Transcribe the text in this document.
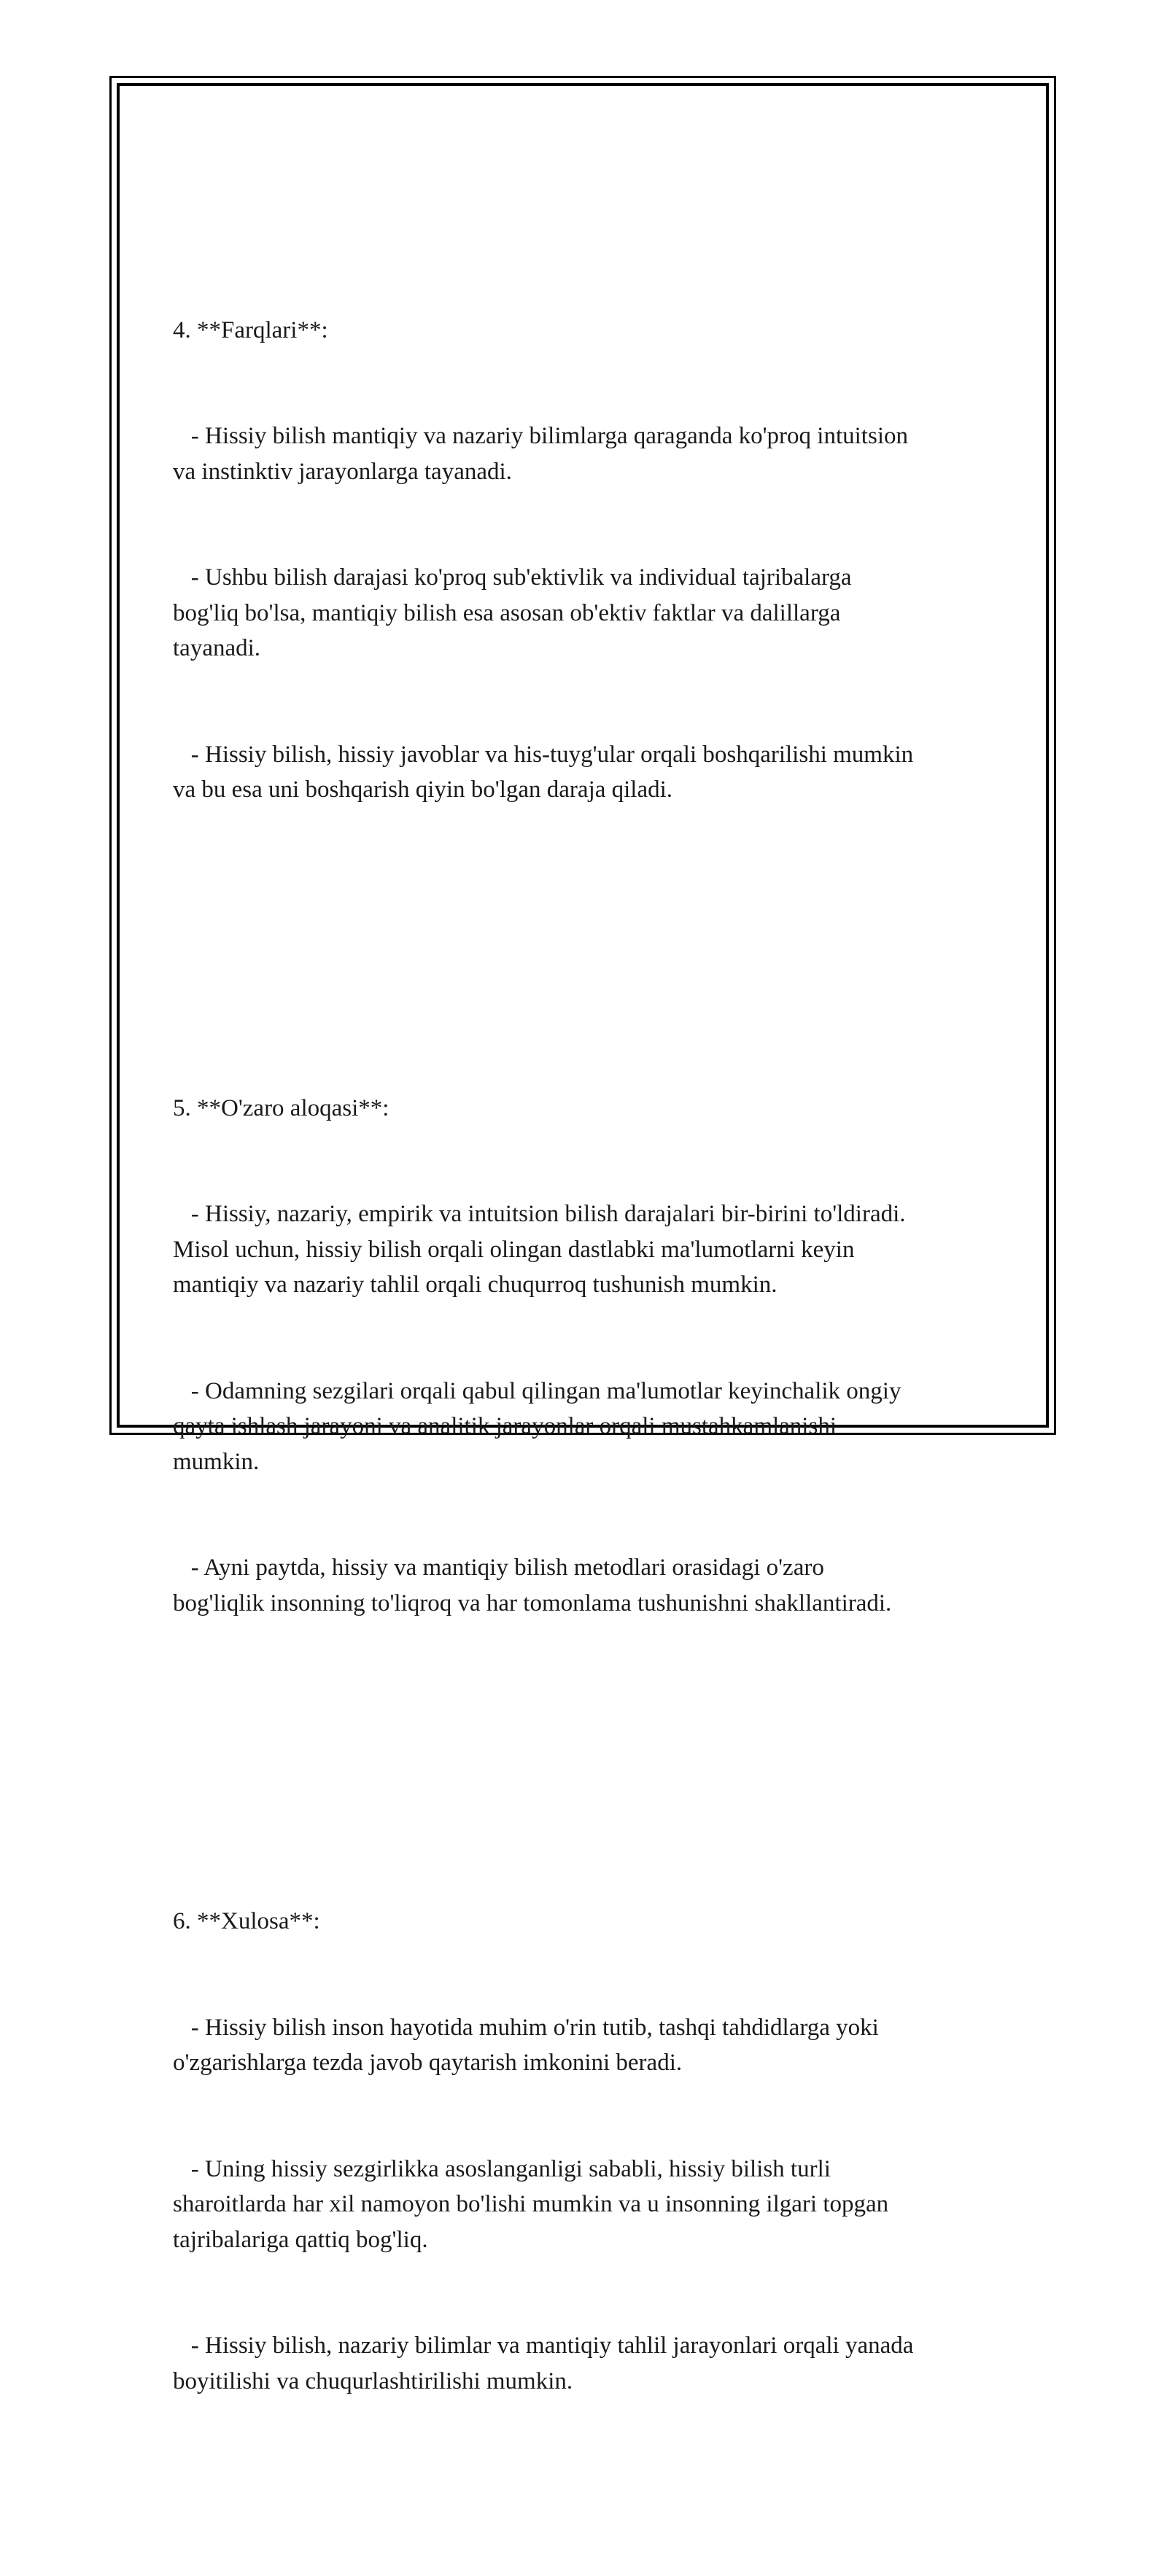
4. **Farqlari**:

- Hissiy bilish mantiqiy va nazariy bilimlarga qaraganda ko'proq intuitsion
va instinktiv jarayonlarga tayanadi.

- Ushbu bilish darajasi ko'proq sub'ektivlik va individual tajribalarga
bog'liq bo'lsa, mantiqiy bilish esa asosan ob'ektiv faktlar va dalillarga
tayanadi.

- Hissiy bilish, hissiy javoblar va his-tuyg'ular orqali boshqarilishi mumkin
va bu esa uni boshqarish qiyin bo'lgan daraja qiladi.

5. **O'zaro aloqasi**:

- Hissiy, nazariy, empirik va intuitsion bilish darajalari bir-birini to'ldiradi.
Misol uchun, hissiy bilish orqali olingan dastlabki ma'lumotlarni keyin
mantiqiy va nazariy tahlil orqali chuqurroq tushunish mumkin.

- Odamning sezgilari orqali qabul qilingan ma'lumotlar keyinchalik ongiy
qayta ishlash jarayoni va analitik jarayonlar orqali mustahkamlanishi
mumkin.

- Ayni paytda, hissiy va mantiqiy bilish metodlari orasidagi o'zaro
bog'liqlik insonning to'liqroq va har tomonlama tushunishni shakllantiradi.

6. **Xulosa**:

- Hissiy bilish inson hayotida muhim o'rin tutib, tashqi tahdidlarga yoki
o'zgarishlarga tezda javob qaytarish imkonini beradi.

- Uning hissiy sezgirlikka asoslanganligi sababli, hissiy bilish turli
sharoitlarda har xil namoyon bo'lishi mumkin va u insonning ilgari topgan
tajribalariga qattiq bog'liq.

- Hissiy bilish, nazariy bilimlar va mantiqiy tahlil jarayonlari orqali yanada
boyitilishi va chuqurlashtirilishi mumkin.
